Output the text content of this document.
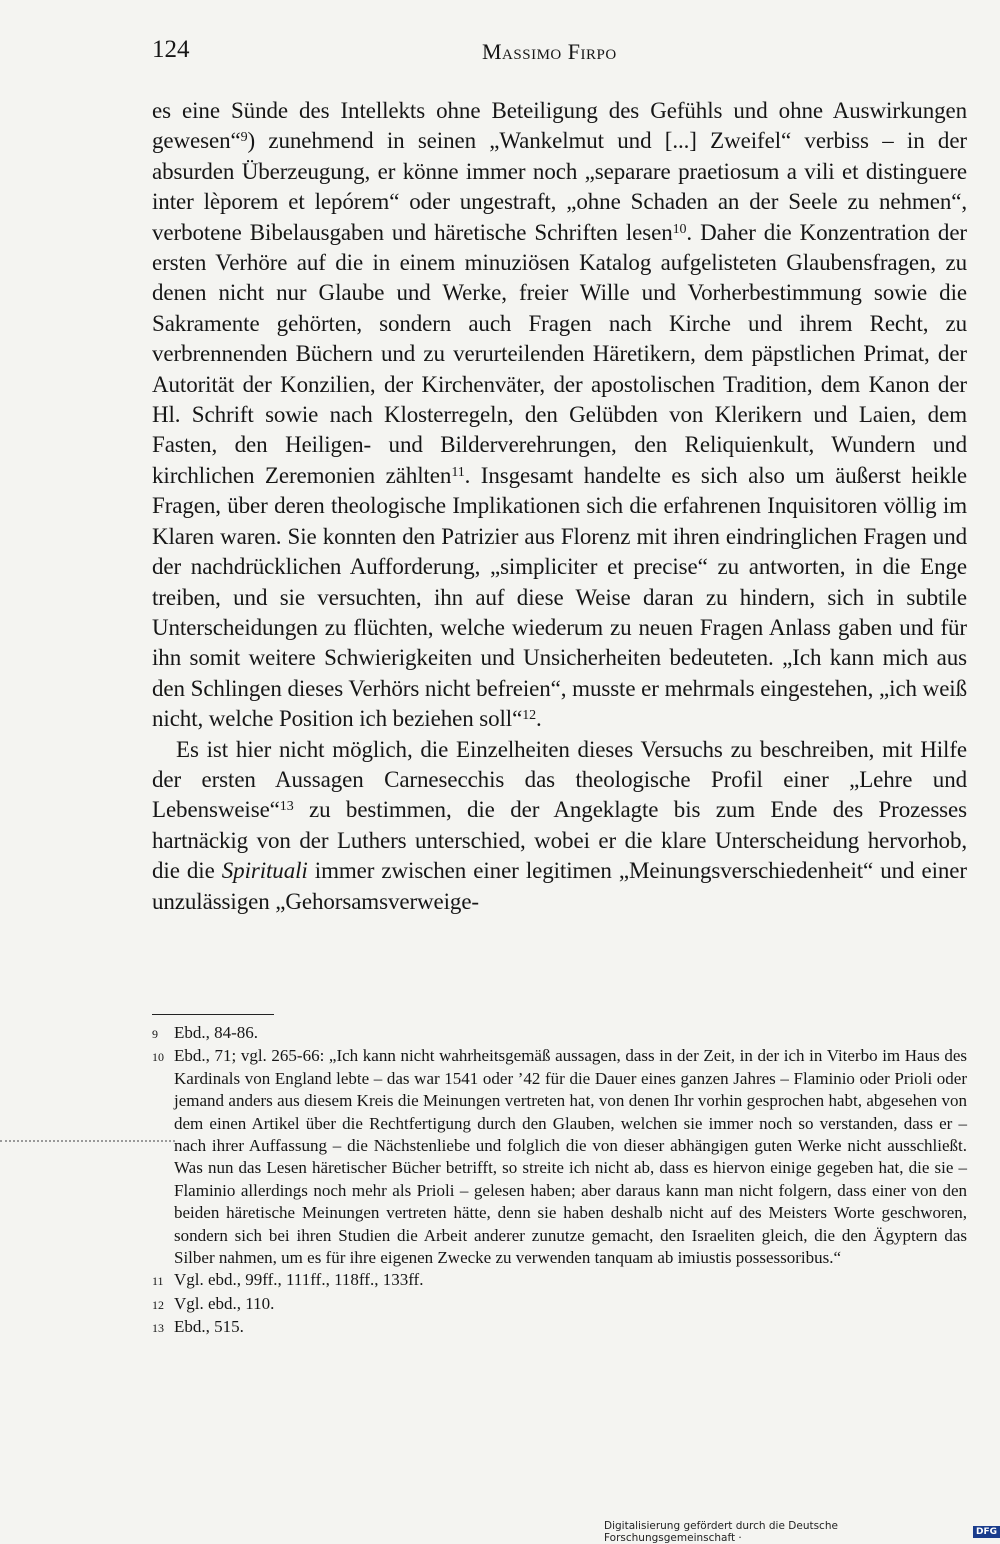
124	Massimo Firpo

es eine Sünde des Intellekts ohne Beteiligung des Gefühls und ohne Auswirkungen gewesen“$^9$) zunehmend in seinen „Wankelmut und [...] Zweifel“ verbiss – in der absurden Überzeugung, er könne immer noch „separare praetiosum a vili et distinguere inter lèporem et lepórem“ oder ungestraft, „ohne Schaden an der Seele zu nehmen“, verbotene Bibelausgaben und häretische Schriften lesen$^{10}$. Daher die Konzentration der ersten Verhöre auf die in einem minuziösen Katalog aufgelisteten Glaubensfragen, zu denen nicht nur Glaube und Werke, freier Wille und Vorherbestimmung sowie die Sakramente gehörten, sondern auch Fragen nach Kirche und ihrem Recht, zu verbrennenden Büchern und zu verurteilenden Häretikern, dem päpstlichen Primat, der Autorität der Konzilien, der Kirchenväter, der apostolischen Tradition, dem Kanon der Hl. Schrift sowie nach Klosterregeln, den Gelübden von Klerikern und Laien, dem Fasten, den Heiligen- und Bilderverehrungen, den Reliquienkult, Wundern und kirchlichen Zeremonien zählten$^{11}$. Insgesamt handelte es sich also um äußerst heikle Fragen, über deren theologische Implikationen sich die erfahrenen Inquisitoren völlig im Klaren waren. Sie konnten den Patrizier aus Florenz mit ihren eindringlichen Fragen und der nachdrücklichen Aufforderung, „simpliciter et precise“ zu antworten, in die Enge treiben, und sie versuchten, ihn auf diese Weise daran zu hindern, sich in subtile Unterscheidungen zu flüchten, welche wiederum zu neuen Fragen Anlass gaben und für ihn somit weitere Schwierigkeiten und Unsicherheiten bedeuteten. „Ich kann mich aus den Schlingen dieses Verhörs nicht befreien“, musste er mehrmals eingestehen, „ich weiß nicht, welche Position ich beziehen soll“$^{12}$.

Es ist hier nicht möglich, die Einzelheiten dieses Versuchs zu beschreiben, mit Hilfe der ersten Aussagen Carnesecchis das theologische Profil einer „Lehre und Lebensweise“$^{13}$ zu bestimmen, die der Angeklagte bis zum Ende des Prozesses hartnäckig von der Luthers unterschied, wobei er die klare Unterscheidung hervorhob, die die Spirituali immer zwischen einer legitimen „Meinungsverschiedenheit“ und einer unzulässigen „Gehorsamsverweige-

9 Ebd., 84-86.
10 Ebd., 71; vgl. 265-66: „Ich kann nicht wahrheitsgemäß aussagen, dass in der Zeit, in der ich in Viterbo im Haus des Kardinals von England lebte – das war 1541 oder ’42 für die Dauer eines ganzen Jahres – Flaminio oder Prioli oder jemand anders aus diesem Kreis die Meinungen vertreten hat, von denen Ihr vorhin gesprochen habt, abgesehen von dem einen Artikel über die Rechtfertigung durch den Glauben, welchen sie immer noch so verstanden, dass er – nach ihrer Auffassung – die Nächstenliebe und folglich die von dieser abhängigen guten Werke nicht ausschließt. Was nun das Lesen häretischer Bücher betrifft, so streite ich nicht ab, dass es hiervon einige gegeben hat, die sie – Flaminio allerdings noch mehr als Prioli – gelesen haben; aber daraus kann man nicht folgern, dass einer von den beiden häretische Meinungen vertreten hätte, denn sie haben deshalb nicht auf des Meisters Worte geschworen, sondern sich bei ihren Studien die Arbeit anderer zunutze gemacht, den Israeliten gleich, die den Ägyptern das Silber nahmen, um es für ihre eigenen Zwecke zu verwenden tanquam ab imiustis possessoribus.“
11 Vgl. ebd., 99ff., 111ff., 118ff., 133ff.
12 Vgl. ebd., 110.
13 Ebd., 515.
Digitalisierung gefördert durch die Deutsche Forschungsgemeinschaft ·	DFG
